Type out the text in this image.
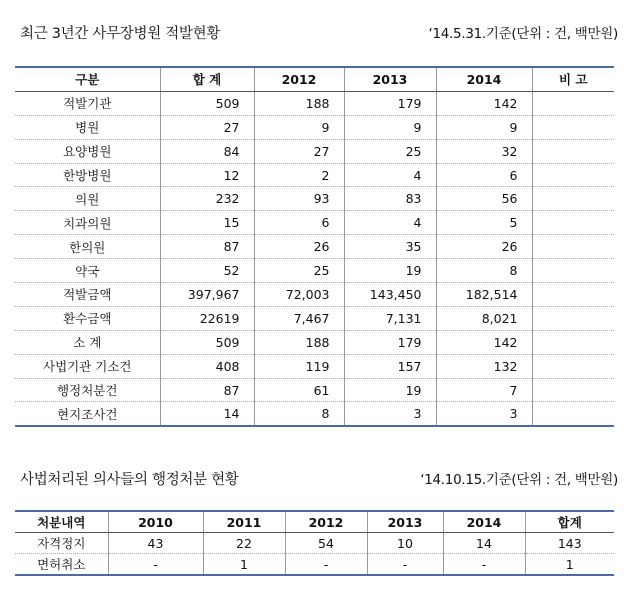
최근 3년간 사무장병원 적발현황	‘14.5.31.기준(단위 : 건, 백만원)
구분	합 계	2012	2013	2014	비 고
적발기관	509	188	179	142	
병원	27	9	9	9	
요양병원	84	27	25	32	
한방병원	12	2	4	6	
의원	232	93	83	56	
치과의원	15	6	4	5	
한의원	87	26	35	26	
약국	52	25	19	8	
적발금액	397,967	72,003	143,450	182,514	
환수금액	22619	7,467	7,131	8,021	
소 계	509	188	179	142	
사법기관 기소건	408	119	157	132	
행정처분건	87	61	19	7	
현지조사건	14	8	3	3	
사법처리된 의사들의 행정처분 현황	‘14.10.15.기준(단위 : 건, 백만원)
처분내역	2010	2011	2012	2013	2014	합계
자격정지	43	22	54	10	14	143
면허취소	-	1	-	-	-	1
